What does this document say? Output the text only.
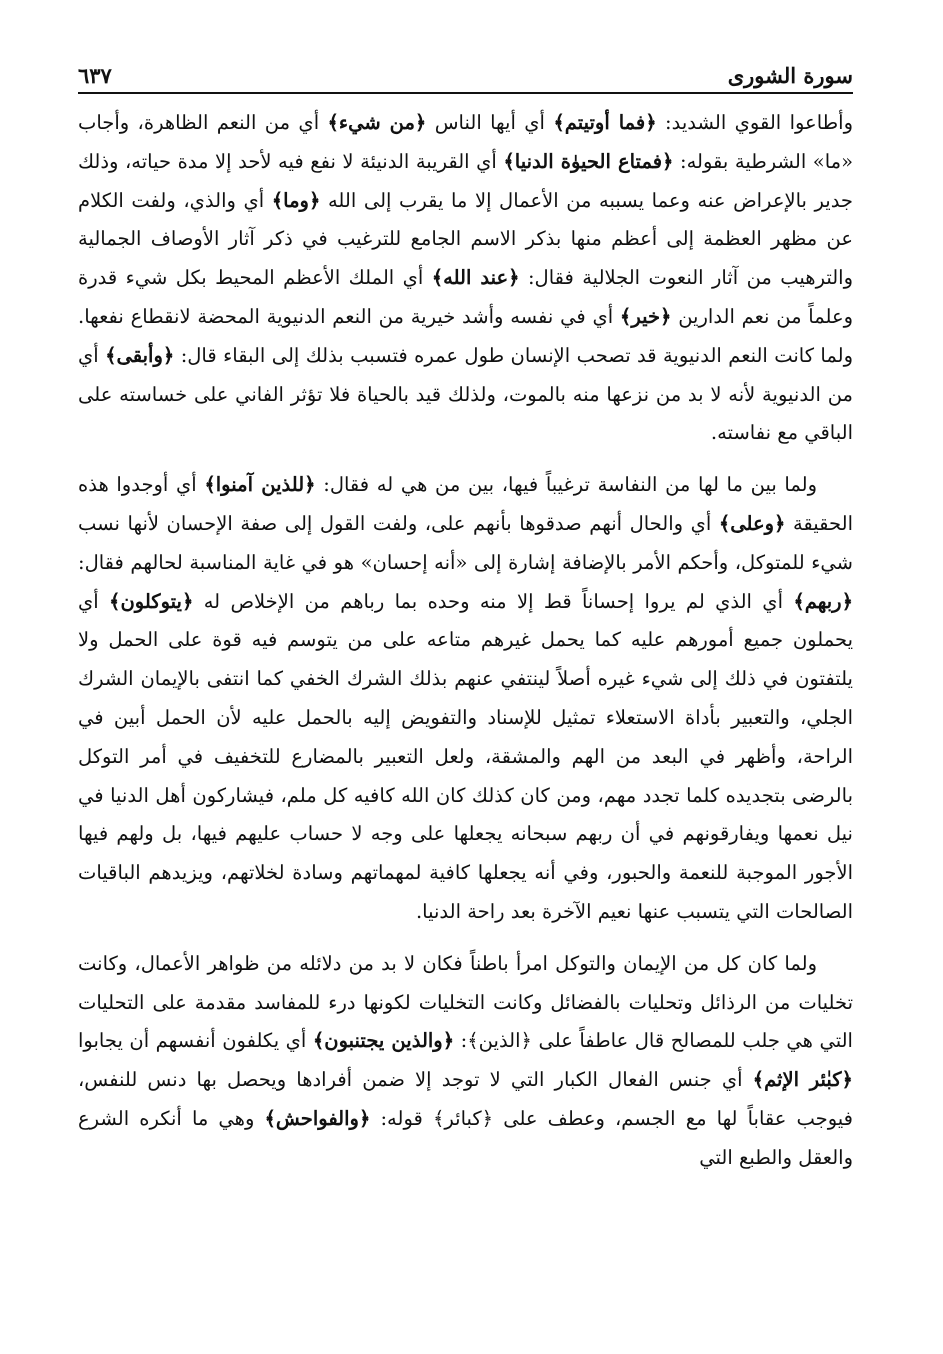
سورة الشورى
٦٣٧

وأطاعوا القوي الشديد: ﴿فما أوتيتم﴾ أي أيها الناس ﴿من شيء﴾ أي من النعم الظاهرة، وأجاب «ما» الشرطية بقوله: ﴿فمتاع الحيوٰة الدنيا﴾ أي القريبة الدنيئة لا نفع فيه لأحد إلا مدة حياته، وذلك جدير بالإعراض عنه وعما يسببه من الأعمال إلا ما يقرب إلى الله ﴿وما﴾ أي والذي، ولفت الكلام عن مظهر العظمة إلى أعظم منها بذكر الاسم الجامع للترغيب في ذكر آثار الأوصاف الجمالية والترهيب من آثار النعوت الجلالية فقال: ﴿عند الله﴾ أي الملك الأعظم المحيط بكل شيء قدرة وعلماً من نعم الدارين ﴿خير﴾ أي في نفسه وأشد خيرية من النعم الدنيوية المحضة لانقطاع نفعها. ولما كانت النعم الدنيوية قد تصحب الإنسان طول عمره فتسبب بذلك إلى البقاء قال: ﴿وأبقى﴾ أي من الدنيوية لأنه لا بد من نزعها منه بالموت، ولذلك قيد بالحياة فلا تؤثر الفاني على خساسته على الباقي مع نفاسته.

ولما بين ما لها من النفاسة ترغيباً فيها، بين من هي له فقال: ﴿للذين آمنوا﴾ أي أوجدوا هذه الحقيقة ﴿وعلى﴾ أي والحال أنهم صدقوها بأنهم على، ولفت القول إلى صفة الإحسان لأنها نسب شيء للمتوكل، وأحكم الأمر بالإضافة إشارة إلى «أنه إحسان» هو في غاية المناسبة لحالهم فقال: ﴿ربهم﴾ أي الذي لم يروا إحساناً قط إلا منه وحده بما رباهم من الإخلاص له ﴿يتوكلون﴾ أي يحملون جميع أمورهم عليه كما يحمل غيرهم متاعه على من يتوسم فيه قوة على الحمل ولا يلتفتون في ذلك إلى شيء غيره أصلاً لينتفي عنهم بذلك الشرك الخفي كما انتفى بالإيمان الشرك الجلي، والتعبير بأداة الاستعلاء تمثيل للإسناد والتفويض إليه بالحمل عليه لأن الحمل أبين في الراحة، وأظهر في البعد من الهم والمشقة، ولعل التعبير بالمضارع للتخفيف في أمر التوكل بالرضى بتجديده كلما تجدد مهم، ومن كان كذلك كان الله كافيه كل ملم، فيشاركون أهل الدنيا في نيل نعمها ويفارقونهم في أن ربهم سبحانه يجعلها على وجه لا حساب عليهم فيها، بل ولهم فيها الأجور الموجبة للنعمة والحبور، وفي أنه يجعلها كافية لمهماتهم وسادة لخلاتهم، ويزيدهم الباقيات الصالحات التي يتسبب عنها نعيم الآخرة بعد راحة الدنيا.

ولما كان كل من الإيمان والتوكل امرأ باطناً فكان لا بد من دلائله من ظواهر الأعمال، وكانت تخليات من الرذائل وتحليات بالفضائل وكانت التخليات لكونها درء للمفاسد مقدمة على التحليات التي هي جلب للمصالح قال عاطفاً على ﴿الذين﴾: ﴿والذين يجتنبون﴾ أي يكلفون أنفسهم أن يجابوا ﴿كبٰئر الإثم﴾ أي جنس الفعال الكبار التي لا توجد إلا ضمن أفرادها ويحصل بها دنس للنفس، فيوجب عقاباً لها مع الجسم، وعطف على ﴿كبائر﴾ قوله: ﴿والفواحش﴾ وهي ما أنكره الشرع والعقل والطبع التي
